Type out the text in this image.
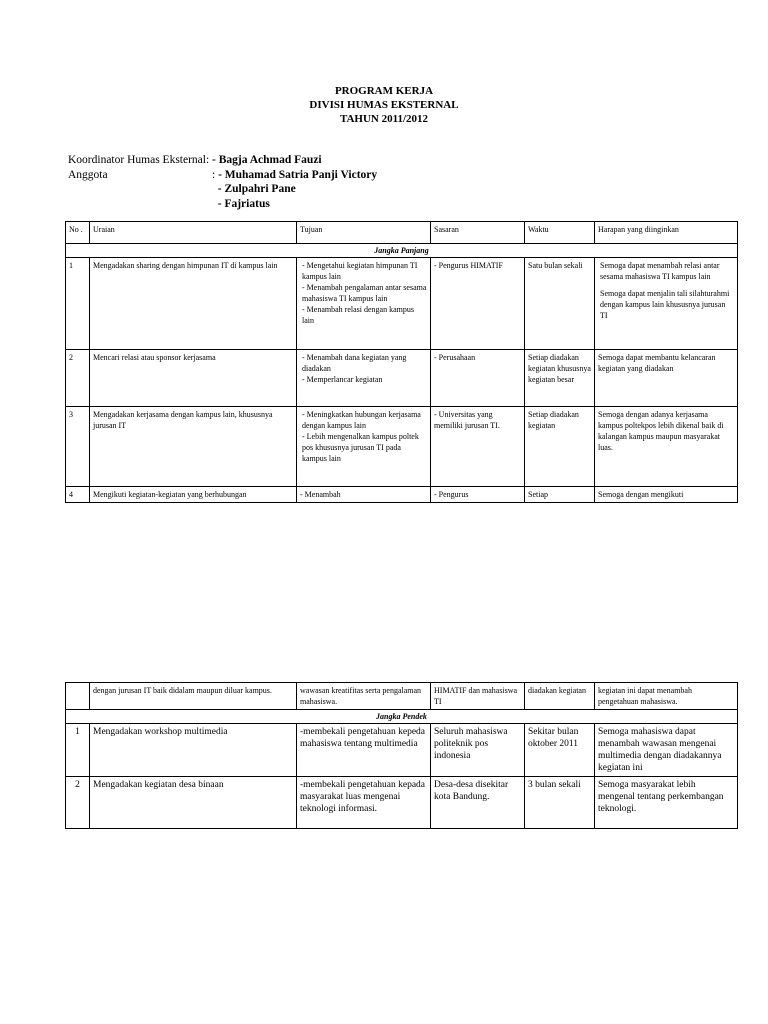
PROGRAM KERJA
DIVISI HUMAS EKSTERNAL
TAHUN 2011/2012
Koordinator Humas Eksternal: - Bagja Achmad Fauzi
Anggota	: - Muhamad Satria Panji Victory
- Zulpahri Pane
- Fajriatus
No .	Uraian	Tujuan	Sasaran	Waktu	Harapan yang diinginkan
Jangka Panjang					
1	Mengadakan sharing dengan himpunan IT di kampus lain	- Mengetahui kegiatan himpunan TI kampus lain
- Menambah pengalaman antar sesama mahasiswa TI kampus lain
- Menambah relasi dengan kampus lain	- Pengurus HIMATIF	Satu bulan sekali	Semoga dapat menambah relasi antar sesama mahasiswa TI kampus lain
Semoga dapat menjalin tali silahturahmi dengan kampus lain khususnya jurusan TI

2	Mencari relasi atau sponsor kerjasama	- Menambah dana kegiatan yang diadakan
- Memperlancar kegiatan	- Perusahaan	Setiap diadakan kegiatan khususnya kegiatan besar	Semoga dapat membantu kelancaran kegiatan yang diadakan
3	Mengadakan kerjasama dengan kampus lain, khususnya jurusan IT	- Meningkatkan hubungan kerjasama dengan kampus lain
- Lebih mengenalkan kampus poltek pos khususnya jurusan TI pada kampus lain	- Universitas yang memiliki jurusan TI.	Setiap diadakan kegiatan	Semoga dengan adanya kerjasama kampus poltekpos lebih dikenal baik di kalangan kampus maupun masyarakat luas.
4	Mengikuti kegiatan-kegiatan yang berhubungan	- Menambah	- Pengurus	Setiap	Semoga dengan mengikuti
	dengan jurusan IT baik didalam maupun diluar kampus.	wawasan kreatifitas serta pengalaman mahasiswa.	HIMATIF dan mahasiswa TI	diadakan kegiatan	kegiatan ini dapat menambah pengetahuan mahasiswa.
Jangka Pendek					
1	Mengadakan workshop multimedia	-membekali pengetahuan kepeda mahasiswa tentang multimedia	Seluruh mahasiswa politeknik pos indonesia	Sekitar bulan oktober 2011	Semoga mahasiswa dapat menambah wawasan mengenai multimedia dengan diadakannya kegiatan ini
2	Mengadakan kegiatan desa binaan	-membekali pengetahuan kepada masyarakat luas mengenai teknologi informasi.	Desa-desa disekitar kota Bandung.	3 bulan sekali	Semoga masyarakat lebih mengenal tentang perkembangan teknologi.
